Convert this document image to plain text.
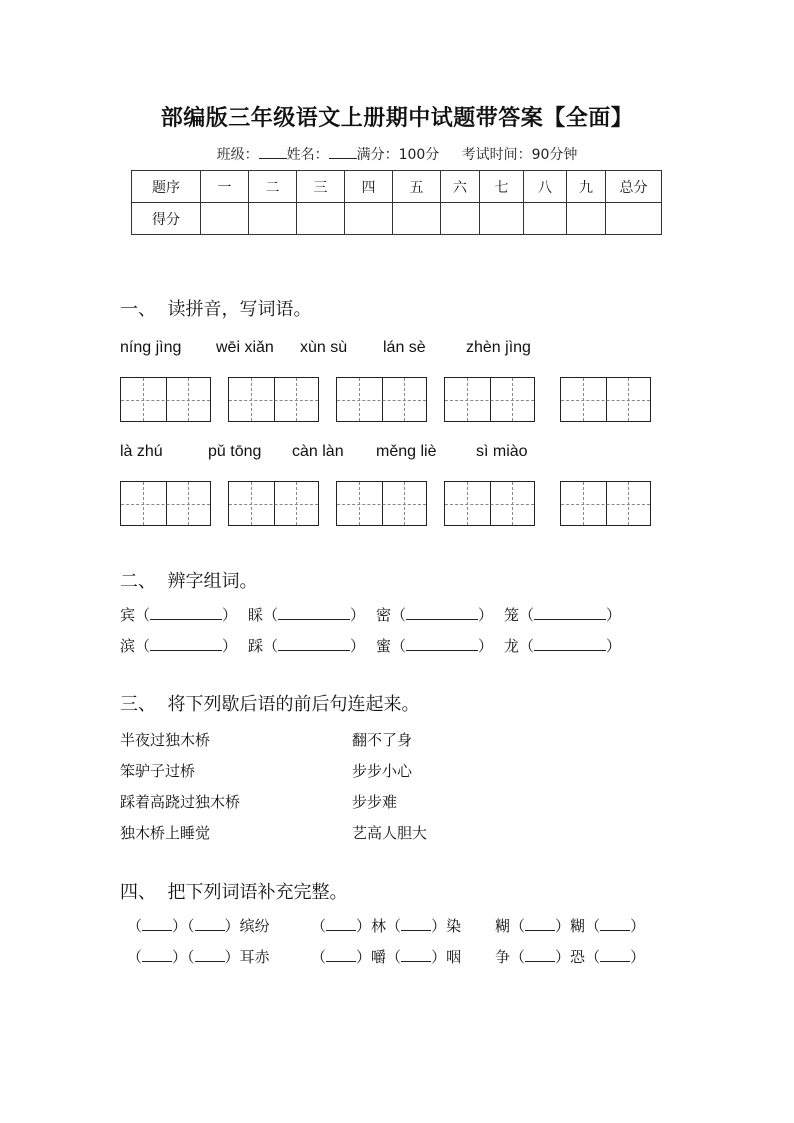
部编版三年级语文上册期中试题带答案【全面】
班级： 姓名： 满分：100分 考试时间：90分钟
题序	一	二	三	四	五	六	七	八	九	总分
得分										
一、  读拼音，写词语。
níng jìng wēi xiǎn xùn sù lán sè	zhèn jìng
là zhú	pǔ tōng càn làn měng liè sì miào
二、  辨字组词。
宾（	） 睬（	） 密（	） 笼（	）
滨（	） 踩（	） 蜜（	） 龙（	）
三、  将下列歇后语的前后句连起来。
半夜过独木桥
笨驴子过桥
踩着高跷过独木桥
独木桥上睡觉
翻不了身
步步小心
步步难
艺高人胆大
四、  把下列词语补充完整。
（ ）（ ）缤纷	（ ）林（ ）染 糊（ ）糊（ ）
（ ）（ ）耳赤	（ ）嚼（ ）咽 争（ ）恐（ ）
